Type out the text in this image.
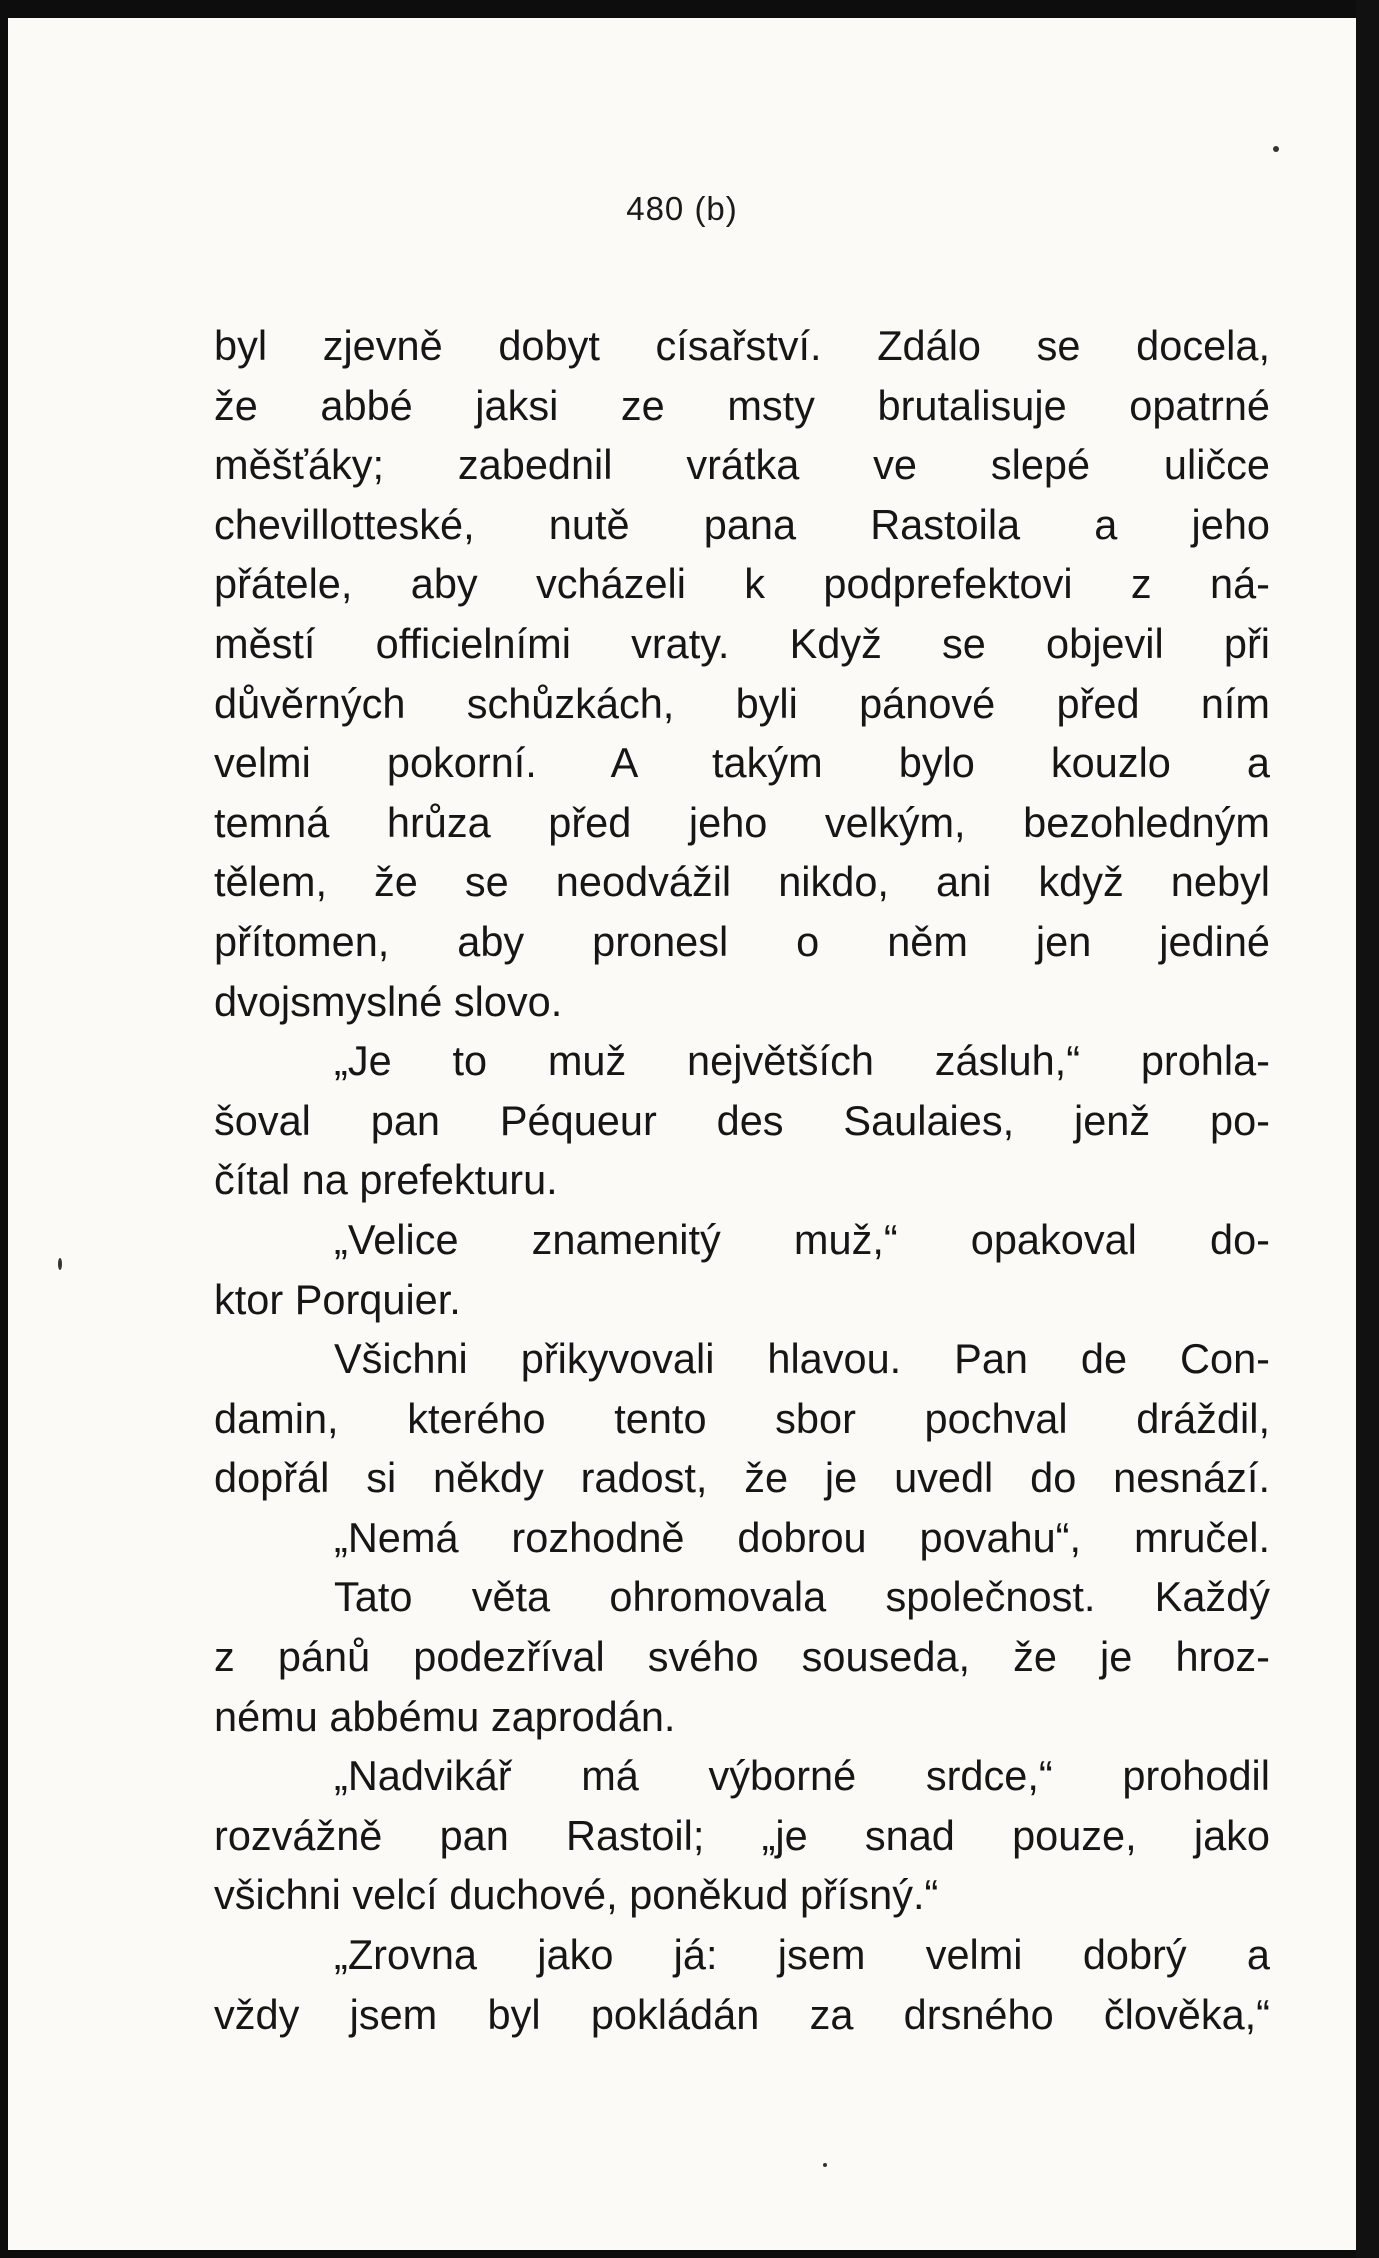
480 (b)
byl zjevně dobyt císařství. Zdálo se docela,
že abbé jaksi ze msty brutalisuje opatrné
měšťáky; zabednil vrátka ve slepé uličce
chevillotteské, nutě pana Rastoila a jeho
přátele, aby vcházeli k podprefektovi z ná-
městí officielními vraty. Když se objevil při
důvěrných schůzkách, byli pánové před ním
velmi pokorní. A takým bylo kouzlo a
temná hrůza před jeho velkým, bezohledným
tělem, že se neodvážil nikdo, ani když nebyl
přítomen, aby pronesl o něm jen jediné
dvojsmyslné slovo.
„Je to muž největších zásluh,“ prohla-
šoval pan Péqueur des Saulaies, jenž po-
čítal na prefekturu.
„Velice znamenitý muž,“ opakoval do-
ktor Porquier.
Všichni přikyvovali hlavou. Pan de Con-
damin, kterého tento sbor pochval dráždil,
dopřál si někdy radost, že je uvedl do nesnází.
„Nemá rozhodně dobrou povahu“, mručel.
Tato věta ohromovala společnost. Každý
z pánů podezříval svého souseda, že je hroz-
nému abbému zaprodán.
„Nadvikář má výborné srdce,“ prohodil
rozvážně pan Rastoil; „je snad pouze, jako
všichni velcí duchové, poněkud přísný.“
„Zrovna jako já: jsem velmi dobrý a
vždy jsem byl pokládán za drsného člověka,“
